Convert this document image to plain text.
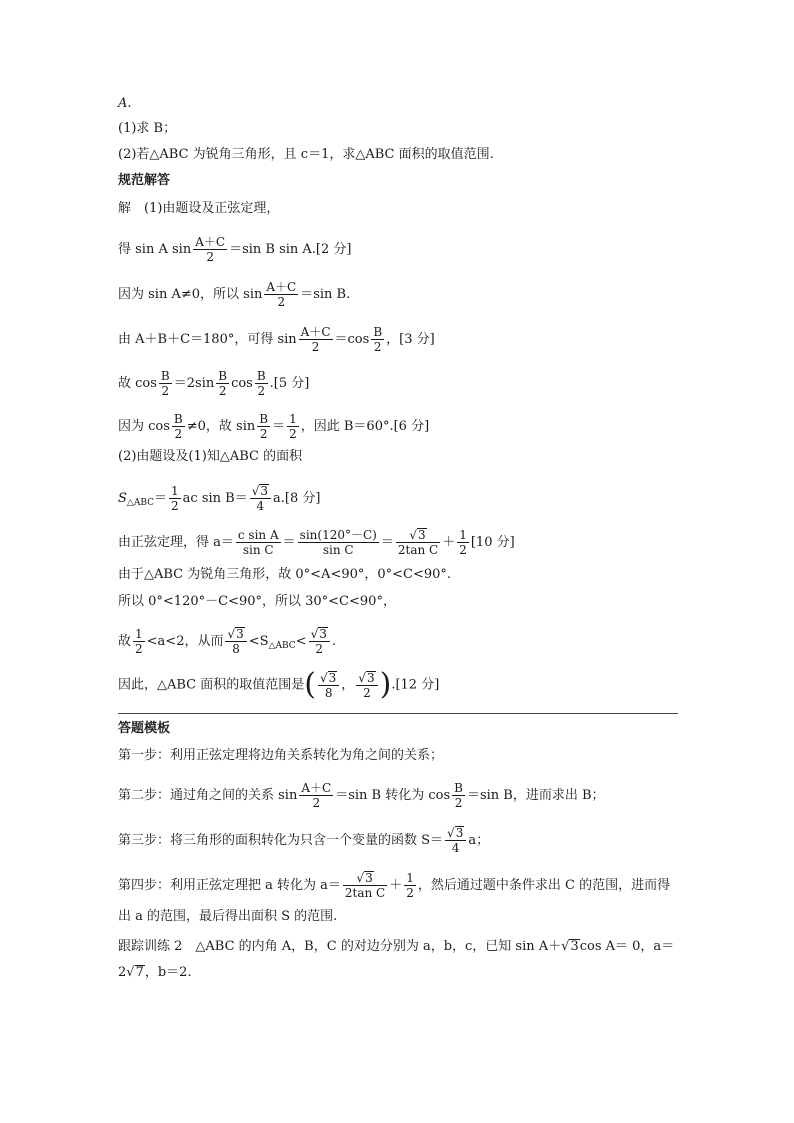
A.
(1)求 B；
(2)若△ABC 为锐角三角形，且 c＝1，求△ABC 面积的取值范围.
规范解答
解　(1)由题设及正弦定理，
得 sin A $\sin \frac{A+C}{2} =\sin$ B sin A.[2 分]
因为 sin A≠0，所以 $\sin \frac{A+C}{2} =\sin$ B.
由 A＋B＋C＝180°，可得 $\sin \frac{A+C}{2} =\cos \frac{B}{2}$ ，[3 分]
故 $\cos \frac{B}{2} =2\sin \frac{B}{2}$ $\cos \frac{B}{2} .[5$ 分]
因为 $\cos \frac{B}{2} \ne 0$，故 $\sin \frac{B}{2} = \frac{1}{2}$ ，因此 B＝60°.[6 分]
(2)由题设及(1)知△ABC 的面积
$S_{\triangle ABC}= \frac{1}{2}$ ac $\sin B= \frac{√3}{4} a.[8$ 分]
由正弦定理，得 $a= \frac{\text{c sin A}}{\text{sin C}} = \frac{\sin(120^\circ-C)}{\text{sin C}} = \frac{√3}{\text{2tan C}} + \frac{1}{2} [10$ 分]
由于△ABC 为锐角三角形，故 0°<A<90°，0°<C<90°.
所以 0°<120°－C<90°，所以 30°<C<90°，
故 $\frac{1}{2} <a<2$，从而 $\frac{√3}{8} <S_{\triangle ABC}< \frac{√3}{2}$ .
因此，△ABC 面积的取值范围是( $\frac{√3}{8}$ ， $\frac{√3}{2} ).[12$ 分]
答题模板
第一步：利用正弦定理将边角关系转化为角之间的关系；
第二步：通过角之间的关系 $\sin \frac{A+C}{2} =\sin$ B 转化为 $\cos \frac{B}{2} =\sin$ B，进而求出 B；
第三步：将三角形的面积转化为只含一个变量的函数 $S= \frac{√3}{4}$ a；
第四步：利用正弦定理把 a 转化为 $a= \frac{√3}{\text{2tan C}} + \frac{1}{2}$ ，然后通过题中条件求出 C 的范围，进而得
出 a 的范围，最后得出面积 S 的范围.
跟踪训练 2　△ABC 的内角 A，B，C 的对边分别为 a，b，c，已知 sin A＋√3cos A＝ 0，a＝
2√7，b＝2.
